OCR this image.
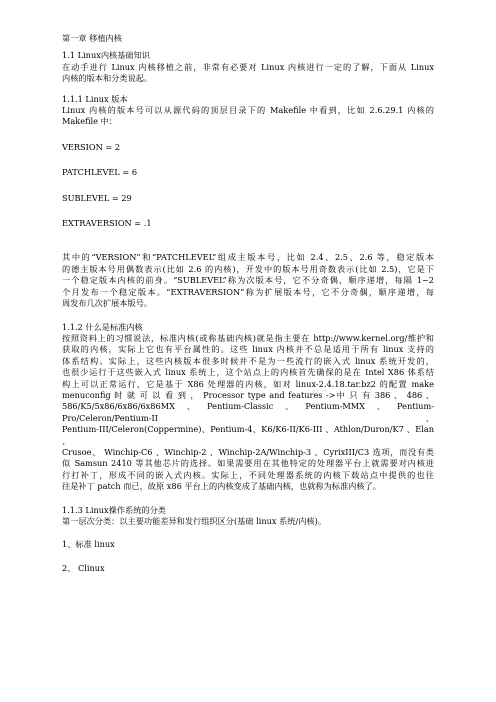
第一章 移植内核
1.1 Linux内核基础知识
在动手进行 Linux 内核移植之前，非常有必要对 Linux 内核进行一定的了解，下面从 Linux
内核的版本和分类说起。
1.1.1 Linux 版本
Linux 内核的版本号可以从源代码的顶层目录下的 Makefile 中看到，比如 2.6.29.1 内核的
Makefile 中：
VERSION = 2
PATCHLEVEL = 6
SUBLEVEL = 29
EXTRAVERSION = .1
其中的“VERSION”和“PATCHLEVEL”组成主版本号，比如 2.4、2.5、2.6 等，稳定版本
的德主版本号用偶数表示(比如 2.6 的内核)，开发中的版本号用奇数表示(比如 2.5)，它是下
一个稳定版本内核的前身。“SUBLEVEL”称为次版本号，它不分奇偶，顺序递增，每隔 1~2
个月发布一个稳定版本。“EXTRAVERSION”称为扩展版本号，它不分奇偶，顺序递增，每
周发布几次扩展本版号。
1.1.2 什么是标准内核
按照资料上的习惯说法，标准内核(或称基础内核)就是指主要在 http://www.kernel.org/维护和
获取的内核，实际上它也有平台属性的。这些 linux 内核并不总是适用于所有 linux 支持的
体系结构。实际上，这些内核版本很多时候并不是为一些流行的嵌入式 linux 系统开发的，
也很少运行于这些嵌入式 linux 系统上，这个站点上的内核首先确保的是在 Intel X86 体系结
构上可以正常运行，它是基于 X86 处理器的内核，如对 linux-2.4.18.tar.bz2 的配置 make
menuconfig 时 就 可 以 看 到 ， Processor type and features ->中 只 有 386 、 486 、
586/K5/5x86/6x86/6x86MX、Pentium-Classic、Pentium-MMX、Pentium-Pro/Celeron/Pentium-II、
Pentium-III/Celeron(Coppermine)、Pentium-4、K6/K6-II/K6-III 、Athlon/Duron/K7 、Elan 、
Crusoe、 Winchip-C6 、Winchip-2 、Winchip-2A/Winchip-3 、CyrixIII/C3 选项，而没有类
似 Samsun 2410 等其他芯片的选择。如果需要用在其他特定的处理器平台上就需要对内核进
行打补丁，形成不同的嵌入式内核。实际上，不同处理器系统的内核下载站点中提供的也往
往是补丁 patch 而已，故原 x86 平台上的内核变成了基础内核，也就称为标准内核了。
1.1.3 Linux操作系统的分类
第一层次分类：以主要功能差异和发行组织区分(基础 linux 系统/内核)。
1、标准 linux
2、 Clinux
